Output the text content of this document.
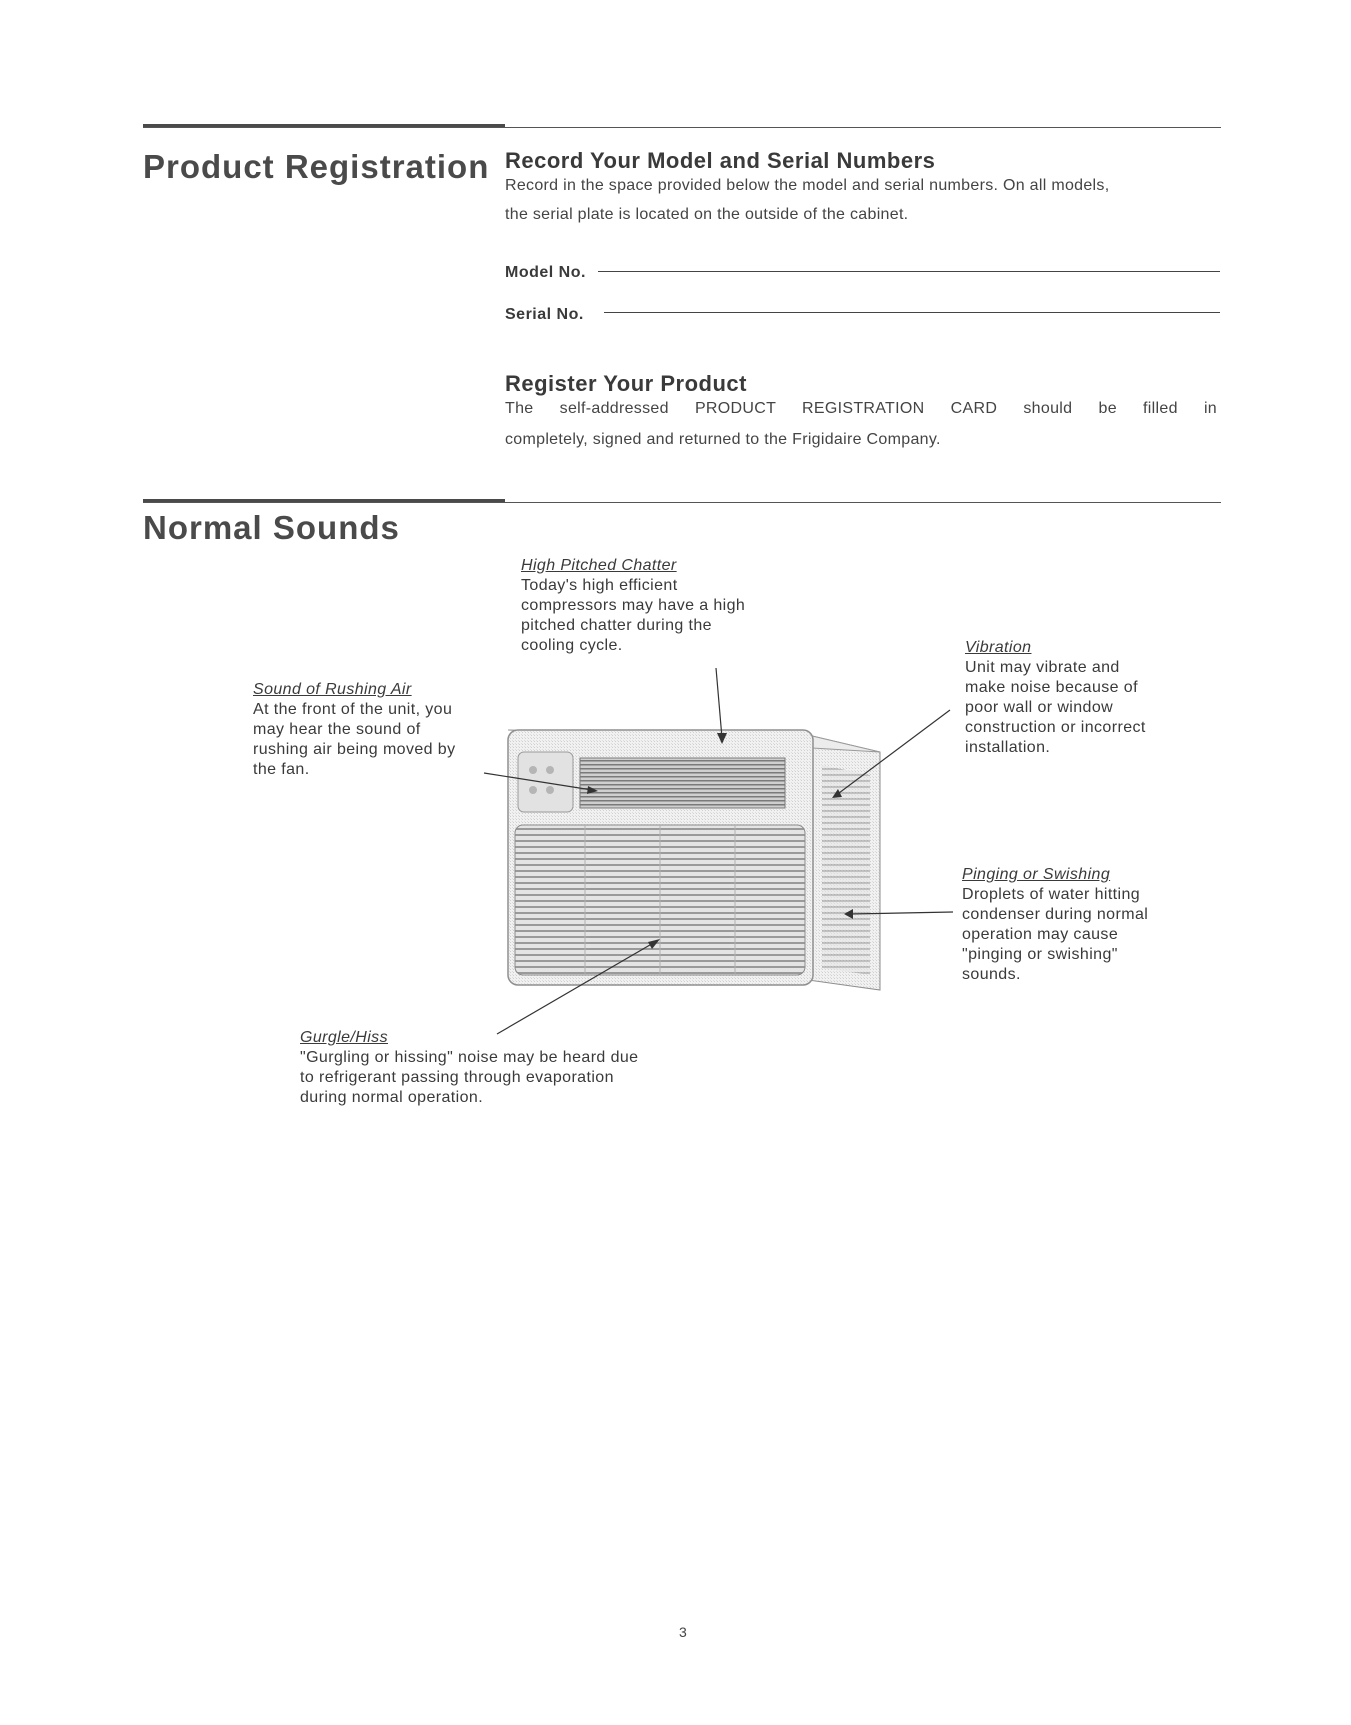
Product Registration Record Your Model and Serial Numbers

Record in the space provided below the model and serial numbers. On all models,

the serial plate is located on the outside of the cabinet.

Model No.
Serial No.
Register Your Product

The self-addressed PRODUCT REGISTRATION CARD should be filled in

completely, signed and returned to the Frigidaire Company.

Normal Sounds
High Pitched Chatter
Today's high efficient
compressors may have a high
pitched chatter during the
cooling cycle.	Vibration
Unit may vibrate and
make noise because of
poor wall or window
construction or incorrect
installation.
Sound of Rushing Air
At the front of the unit, you
may hear the sound of
rushing air being moved by
the fan.
Pinging or Swishing
Droplets of water hitting
condenser during normal
operation may cause
"pinging or swishing"
sounds.
Gurgle/Hiss
"Gurgling or hissing" noise may be heard due
to refrigerant passing through evaporation
during normal operation.
3
